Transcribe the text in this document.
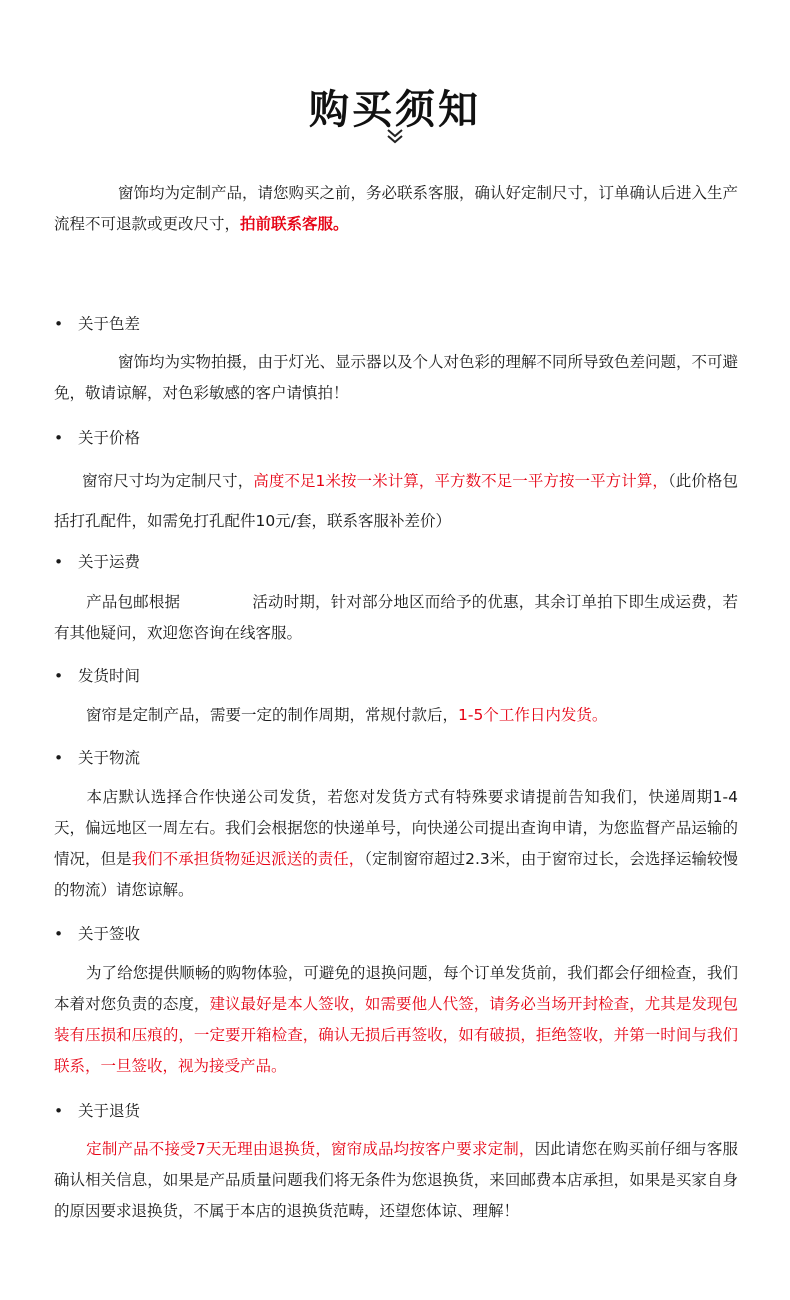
购买须知

窗饰均为定制产品，请您购买之前，务必联系客服，确认好定制尺寸，订单确认后进入生产流程不可退款或更改尺寸，拍前联系客服。

• 关于色差

窗饰均为实物拍摄，由于灯光、显示器以及个人对色彩的理解不同所导致色差问题，不可避免，敬请谅解，对色彩敏感的客户请慎拍！

• 关于价格

窗帘尺寸均为定制尺寸，高度不足1米按一米计算，平方数不足一平方按一平方计算，（此价格包括打孔配件，如需免打孔配件10元/套，联系客服补差价）

• 关于运费

产品包邮根据	活动时期，针对部分地区而给予的优惠，其余订单拍下即生成运费，若有其他疑问，欢迎您咨询在线客服。

• 发货时间

窗帘是定制产品，需要一定的制作周期，常规付款后，1-5个工作日内发货。

• 关于物流

本店默认选择合作快递公司发货，若您对发货方式有特殊要求请提前告知我们，快递周期1-4天，偏远地区一周左右。我们会根据您的快递单号，向快递公司提出查询申请，为您监督产品运输的情况，但是我们不承担货物延迟派送的责任，（定制窗帘超过2.3米，由于窗帘过长，会选择运输较慢的物流）请您谅解。

• 关于签收

为了给您提供顺畅的购物体验，可避免的退换问题，每个订单发货前，我们都会仔细检查，我们本着对您负责的态度，建议最好是本人签收，如需要他人代签，请务必当场开封检查，尤其是发现包装有压损和压痕的，一定要开箱检查，确认无损后再签收，如有破损，拒绝签收，并第一时间与我们联系，一旦签收，视为接受产品。

• 关于退货

定制产品不接受7天无理由退换货，窗帘成品均按客户要求定制，因此请您在购买前仔细与客服确认相关信息，如果是产品质量问题我们将无条件为您退换货，来回邮费本店承担，如果是买家自身的原因要求退换货，不属于本店的退换货范畴，还望您体谅、理解！
